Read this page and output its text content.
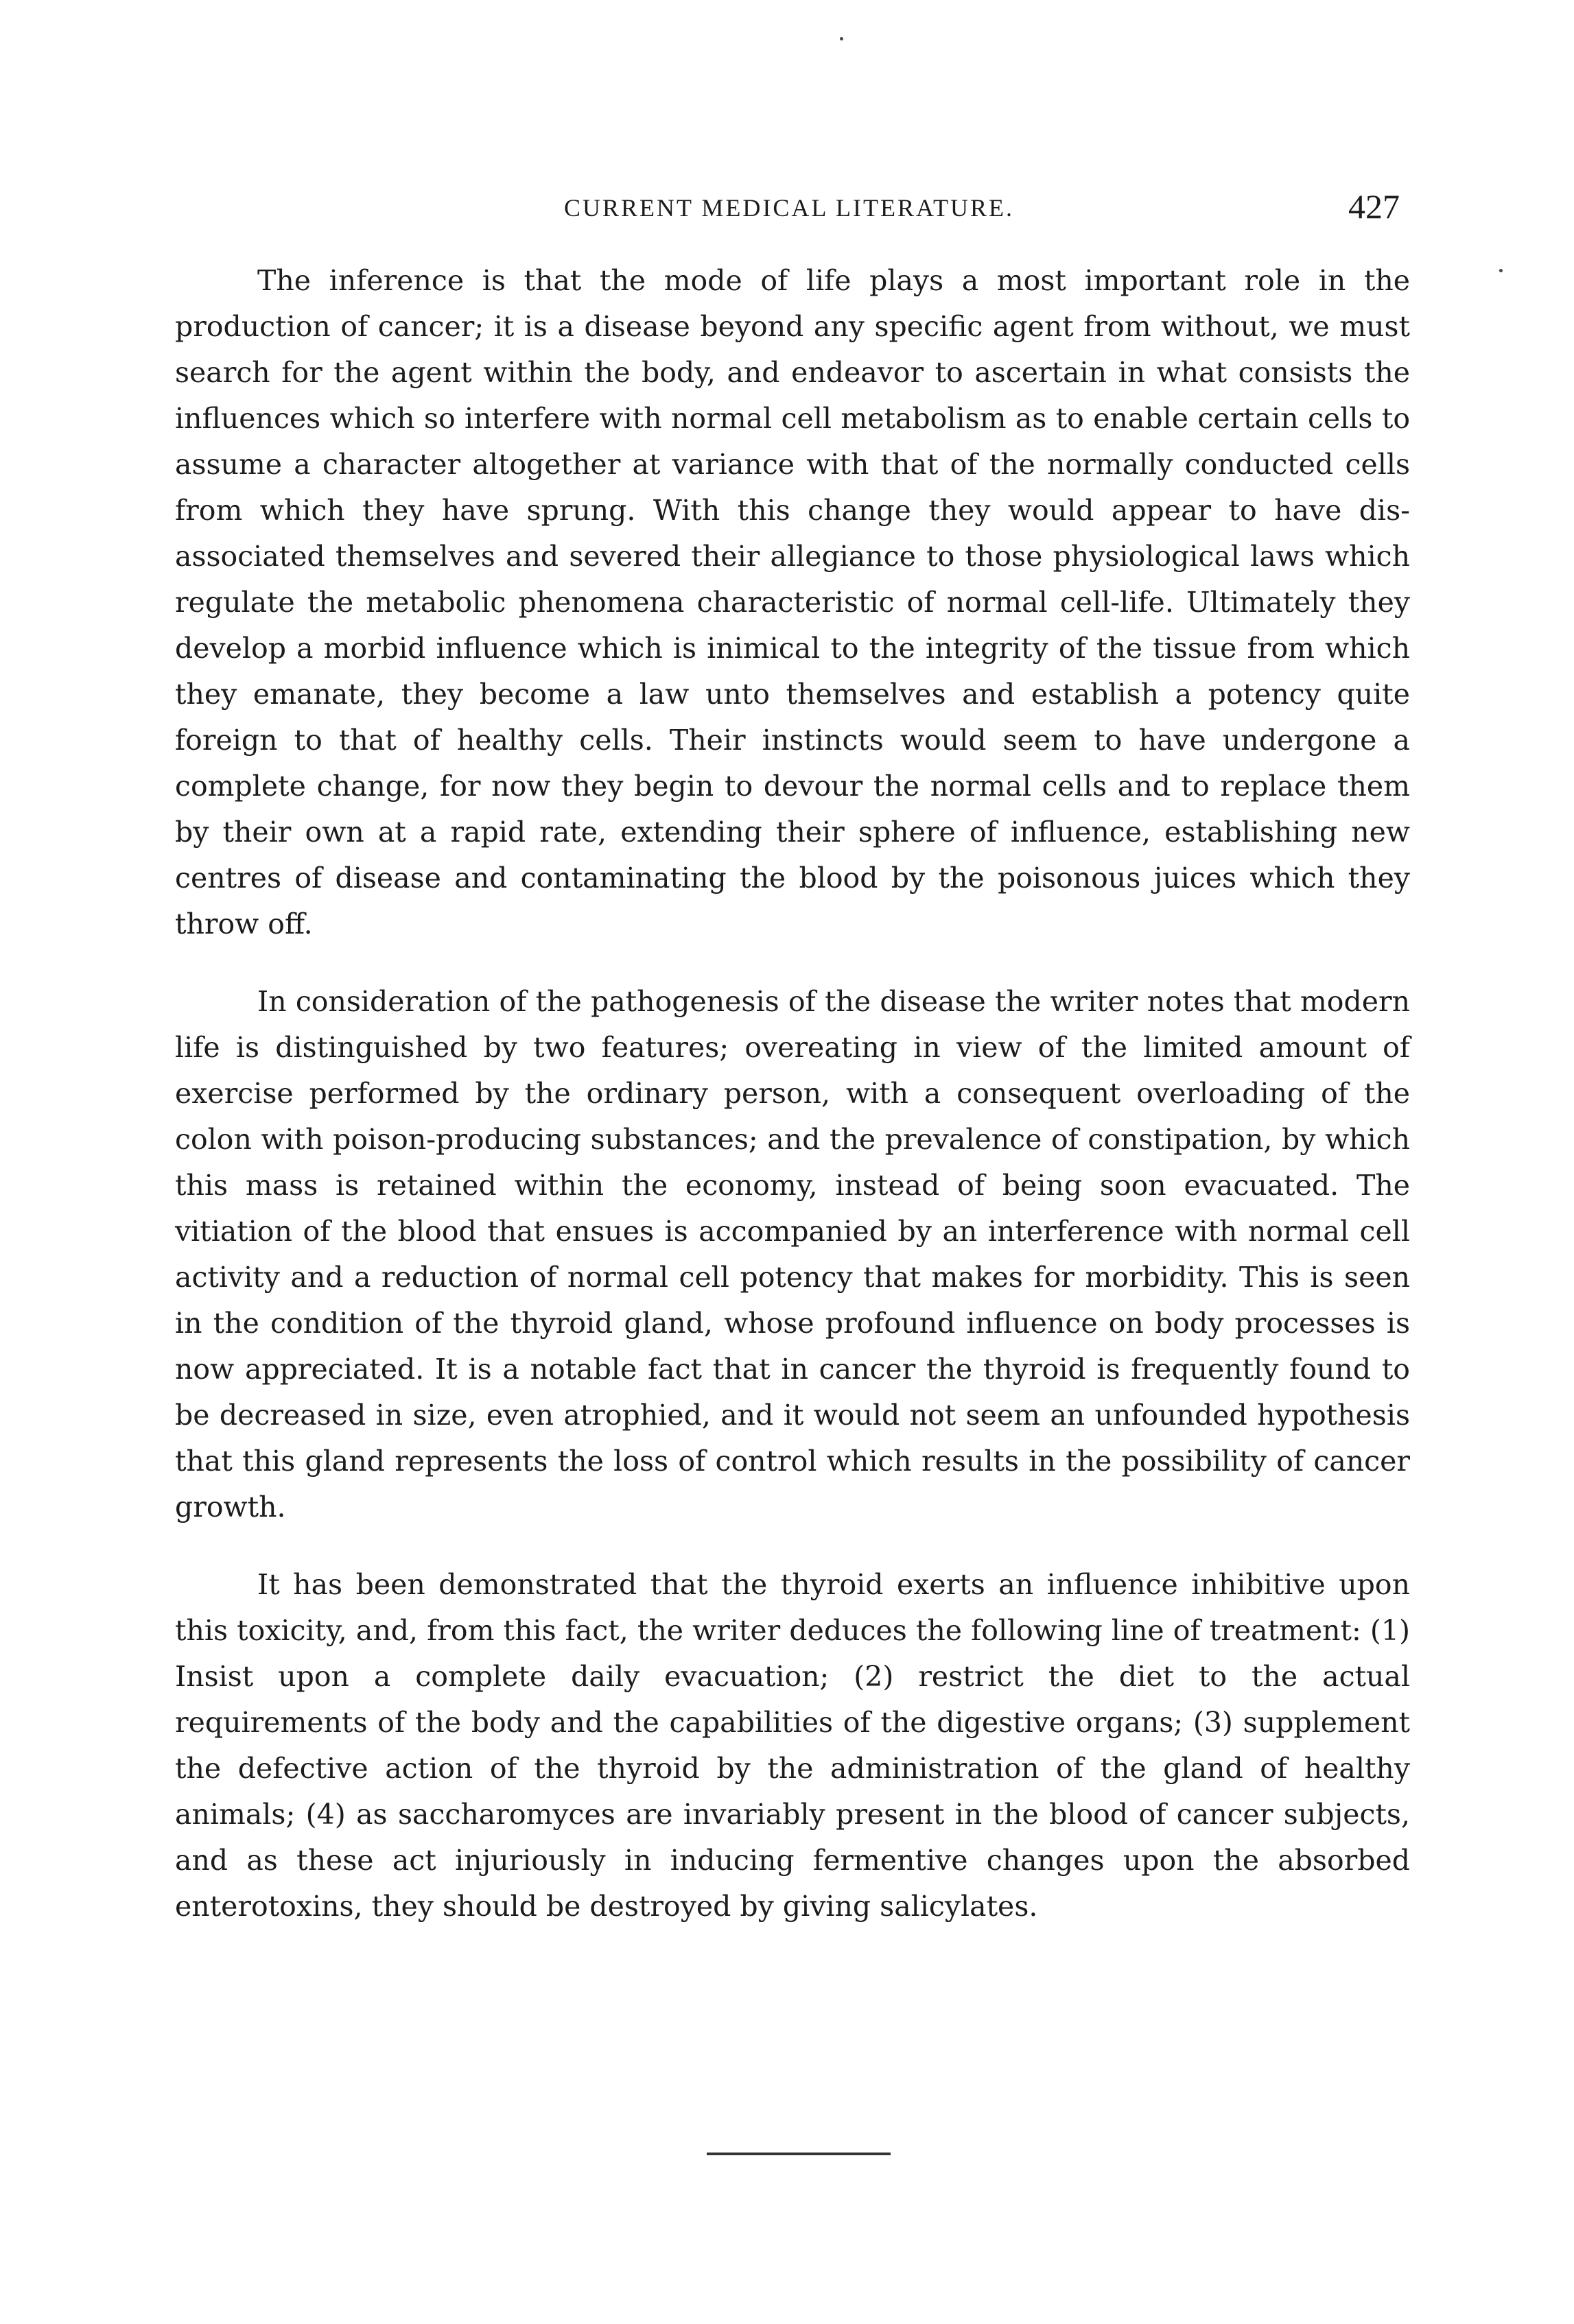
CURRENT MEDICAL LITERATURE.	427

The inference is that the mode of life plays a most important role in the production of cancer; it is a disease beyond any specific agent from without, we must search for the agent within the body, and endeavor to ascertain in what consists the influences which so interfere with normal cell metabolism as to enable certain cells to assume a character altogether at variance with that of the normally conducted cells from which they have sprung. With this change they would appear to have disassociated themselves and severed their allegiance to those physiological laws which regulate the metabolic phenomena characteristic of normal cell-life. Ultimately they develop a morbid influence which is inimical to the integrity of the tissue from which they emanate, they become a law unto themselves and establish a potency quite foreign to that of healthy cells. Their instincts would seem to have undergone a complete change, for now they begin to devour the normal cells and to replace them by their own at a rapid rate, extending their sphere of influence, establishing new centres of disease and contaminating the blood by the poisonous juices which they throw off.

In consideration of the pathogenesis of the disease the writer notes that modern life is distinguished by two features; overeating in view of the limited amount of exercise performed by the ordinary person, with a consequent overloading of the colon with poison-producing substances; and the prevalence of constipation, by which this mass is retained within the economy, instead of being soon evacuated. The vitiation of the blood that ensues is accompanied by an interference with normal cell activity and a reduction of normal cell potency that makes for morbidity. This is seen in the condition of the thyroid gland, whose profound influence on body processes is now appreciated. It is a notable fact that in cancer the thyroid is frequently found to be decreased in size, even atrophied, and it would not seem an unfounded hypothesis that this gland represents the loss of control which results in the possibility of cancer growth.

It has been demonstrated that the thyroid exerts an influence inhibitive upon this toxicity, and, from this fact, the writer deduces the following line of treatment: (1) Insist upon a complete daily evacuation; (2) restrict the diet to the actual requirements of the body and the capabilities of the digestive organs; (3) supplement the defective action of the thyroid by the administration of the gland of healthy animals; (4) as saccharomyces are invariably present in the blood of cancer subjects, and as these act injuriously in inducing fermentive changes upon the absorbed enterotoxins, they should be destroyed by giving salicylates.
